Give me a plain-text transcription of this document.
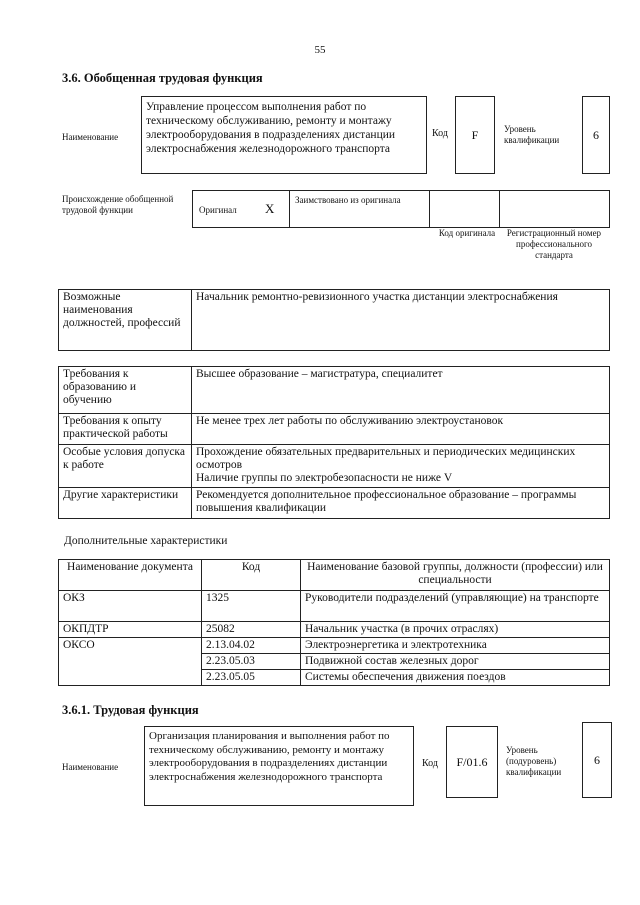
55
3.6. Обобщенная трудовая функция
Наименование
Управление процессом выполнения работ по техническому обслуживанию, ремонту и монтажу электрооборудования в подразделениях дистанции электроснабжения железнодорожного транспорта
Код F	Уровень квалификации	6
Происхождение обобщенной трудовой функции	Оригинал X
Заимствовано из оригинала
Код оригинала	Регистрационный номер профессионального стандарта
Возможные наименования должностей, профессий	Начальник ремонтно-ревизионного участка дистанции электроснабжения
Требования к образованию и обучению	Высшее образование – магистратура, специалитет
Требования к опыту практической работы	Не менее трех лет работы по обслуживанию электроустановок
Особые условия допуска к работе	Прохождение обязательных предварительных и периодических медицинских осмотров
Наличие группы по электробезопасности не ниже V

Другие характеристики	Рекомендуется дополнительное профессиональное образование – программы повышения квалификации
Дополнительные характеристики
Наименование документа	Код	Наименование базовой группы, должности (профессии) или специальности
ОКЗ	1325	Руководители подразделений (управляющие) на транспорте
ОКПДТР	25082	Начальник участка (в прочих отраслях)
ОКСО	2.13.04.02	Электроэнергетика и электротехника
	2.23.05.03	Подвижной состав железных дорог
	2.23.05.05	Системы обеспечения движения поездов
3.6.1. Трудовая функция
Наименование
Организация планирования и выполнения работ по техническому обслуживанию, ремонту и монтажу электрооборудования в подразделениях дистанции электроснабжения железнодорожного транспорта
Код F/01.6
Уровень (подуровень) квалификации
6
